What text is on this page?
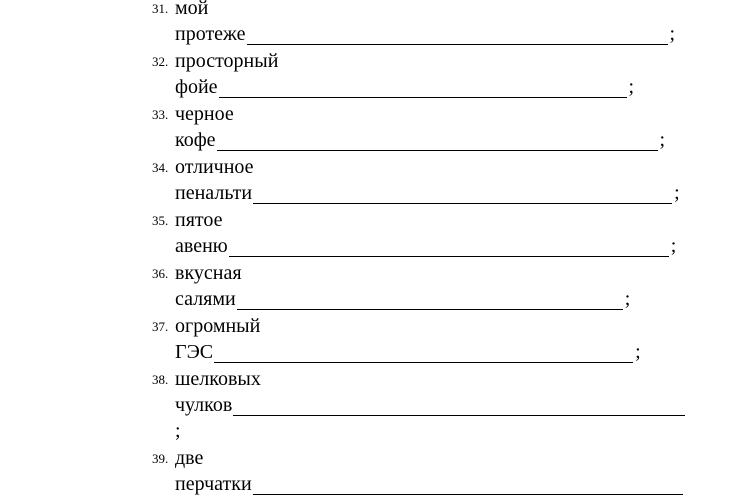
31. мой
протеже	;
32. просторный
фойе	;
33. черное
кофе	;
34. отличное
пенальти	;
35. пятое
авеню	;
36. вкусная
салями	;
37. огромный
ГЭС	;
38. шелковых
чулков
;
39. две
перчатки
